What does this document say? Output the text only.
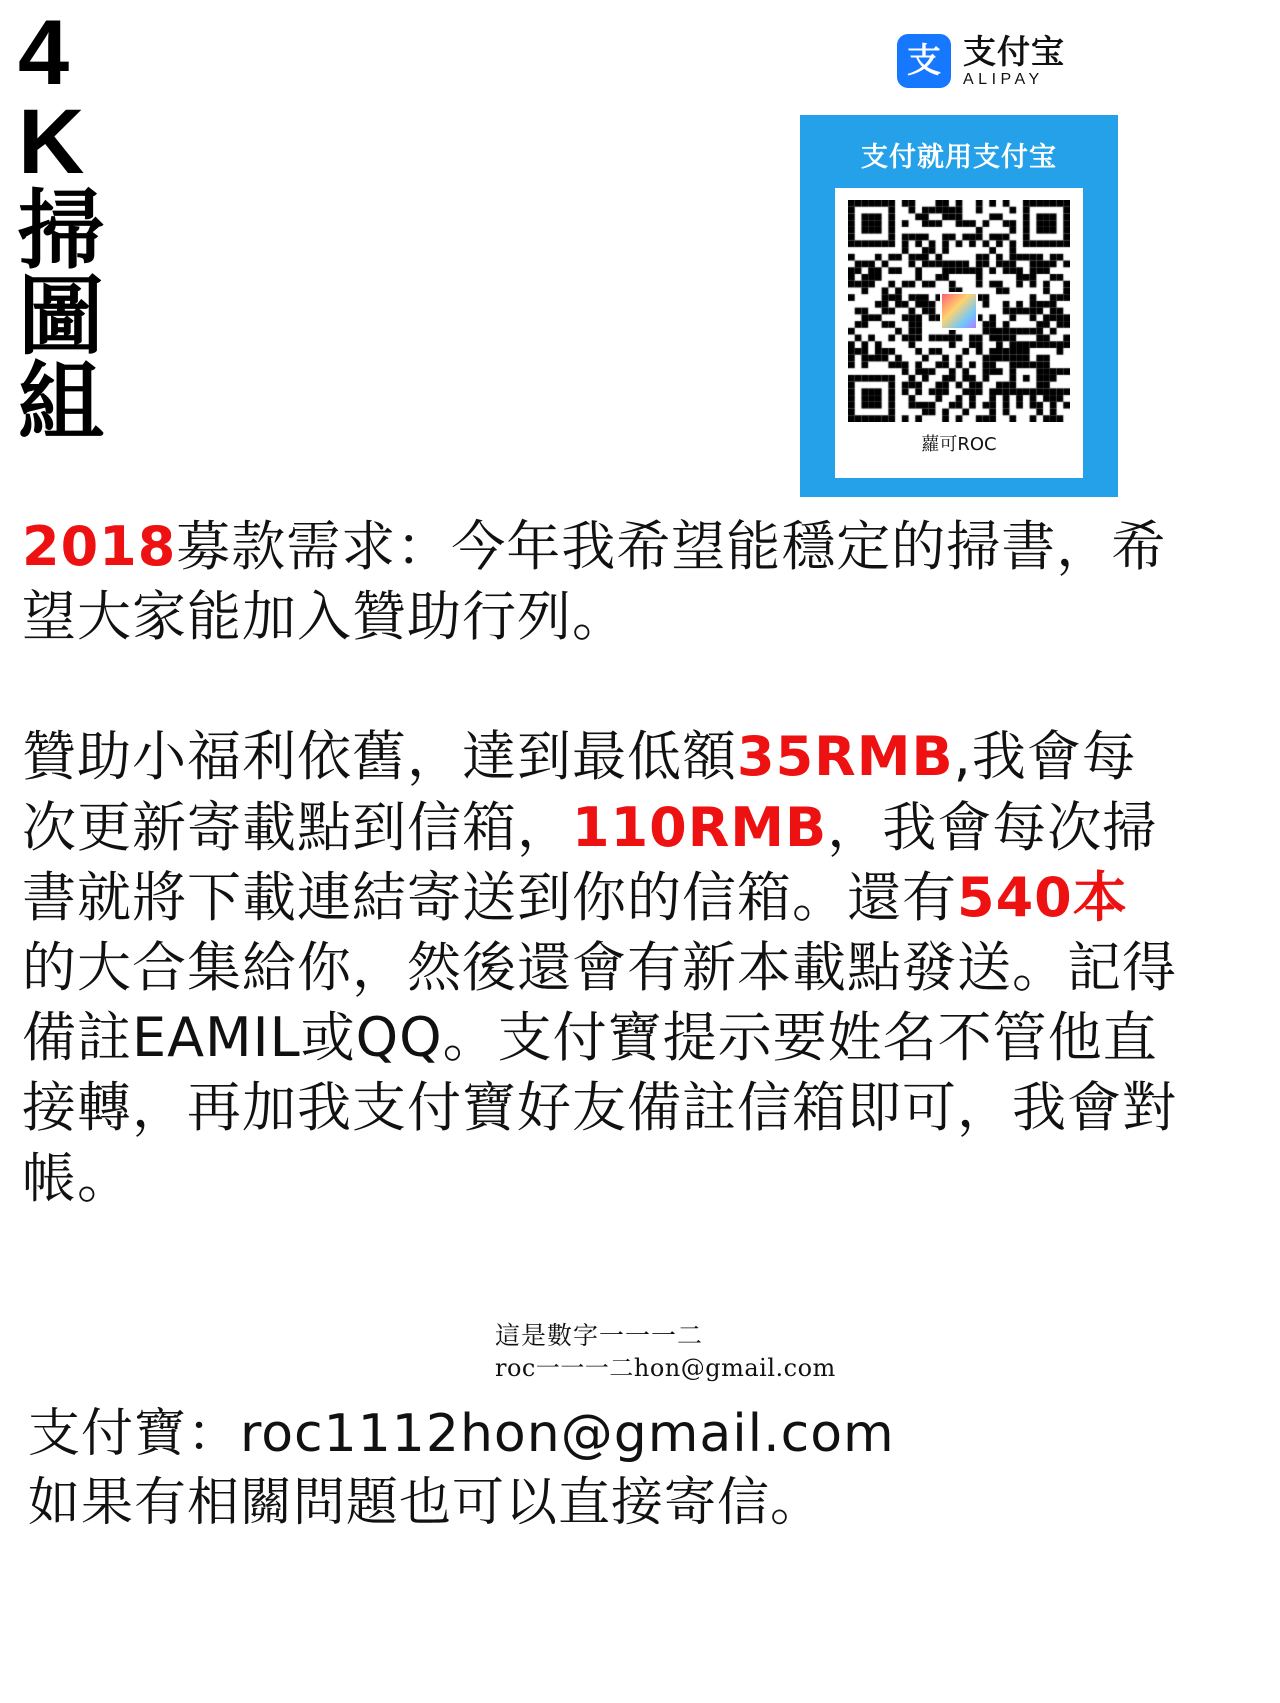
4
K
掃
圖
組
支 支付宝
ALIPAY
支付就用支付宝
蘿可ROC

2018募款需求：今年我希望能穩定的掃書，希望大家能加入贊助行列。

贊助小福利依舊，達到最低額35RMB,我會每次更新寄載點到信箱，110RMB，我會每次掃書就將下載連結寄送到你的信箱。還有540本的大合集給你，然後還會有新本載點發送。記得備註EAMIL或QQ。支付寶提示要姓名不管他直接轉，再加我支付寶好友備註信箱即可，我會對帳。

這是數字一一一二
roc一一一二hon@gmail.com
支付寶：roc1112hon@gmail.com
如果有相關問題也可以直接寄信。
